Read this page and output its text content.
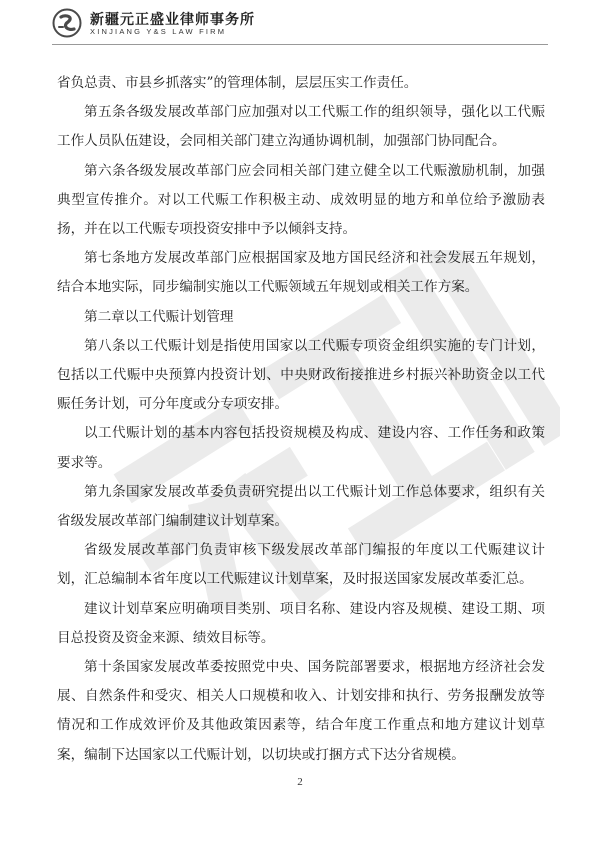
新疆元正盛业律师事务所
XINJIANG Y&S LAW FIRM

省负总责、市县乡抓落实”的管理体制，层层压实工作责任。

第五条各级发展改革部门应加强对以工代赈工作的组织领导，强化以工代赈工作人员队伍建设，会同相关部门建立沟通协调机制，加强部门协同配合。

第六条各级发展改革部门应会同相关部门建立健全以工代赈激励机制，加强典型宣传推介。对以工代赈工作积极主动、成效明显的地方和单位给予激励表扬，并在以工代赈专项投资安排中予以倾斜支持。

第七条地方发展改革部门应根据国家及地方国民经济和社会发展五年规划，结合本地实际，同步编制实施以工代赈领域五年规划或相关工作方案。

第二章以工代赈计划管理

第八条以工代赈计划是指使用国家以工代赈专项资金组织实施的专门计划，包括以工代赈中央预算内投资计划、中央财政衔接推进乡村振兴补助资金以工代赈任务计划，可分年度或分专项安排。

以工代赈计划的基本内容包括投资规模及构成、建设内容、工作任务和政策要求等。

第九条国家发展改革委负责研究提出以工代赈计划工作总体要求，组织有关省级发展改革部门编制建议计划草案。

省级发展改革部门负责审核下级发展改革部门编报的年度以工代赈建议计划，汇总编制本省年度以工代赈建议计划草案，及时报送国家发展改革委汇总。

建议计划草案应明确项目类别、项目名称、建设内容及规模、建设工期、项目总投资及资金来源、绩效目标等。

第十条国家发展改革委按照党中央、国务院部署要求，根据地方经济社会发展、自然条件和受灾、相关人口规模和收入、计划安排和执行、劳务报酬发放等情况和工作成效评价及其他政策因素等，结合年度工作重点和地方建议计划草案，编制下达国家以工代赈计划，以切块或打捆方式下达分省规模。

2
